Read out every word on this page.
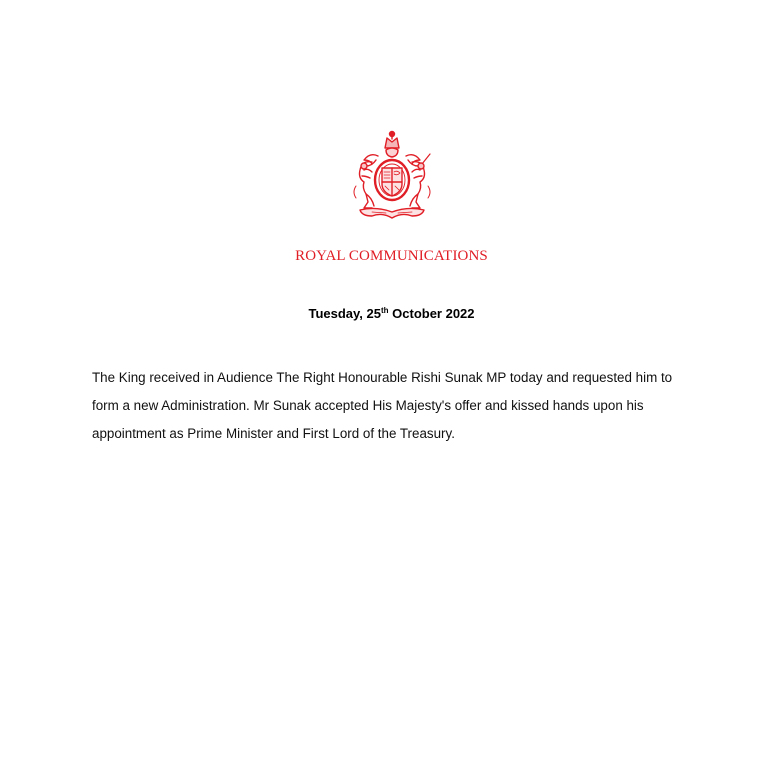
ROYAL COMMUNICATIONS
Tuesday, 25th October 2022
The King received in Audience The Right Honourable Rishi Sunak MP today and requested him to
form a new Administration. Mr Sunak accepted His Majesty's offer and kissed hands upon his
appointment as Prime Minister and First Lord of the Treasury.
